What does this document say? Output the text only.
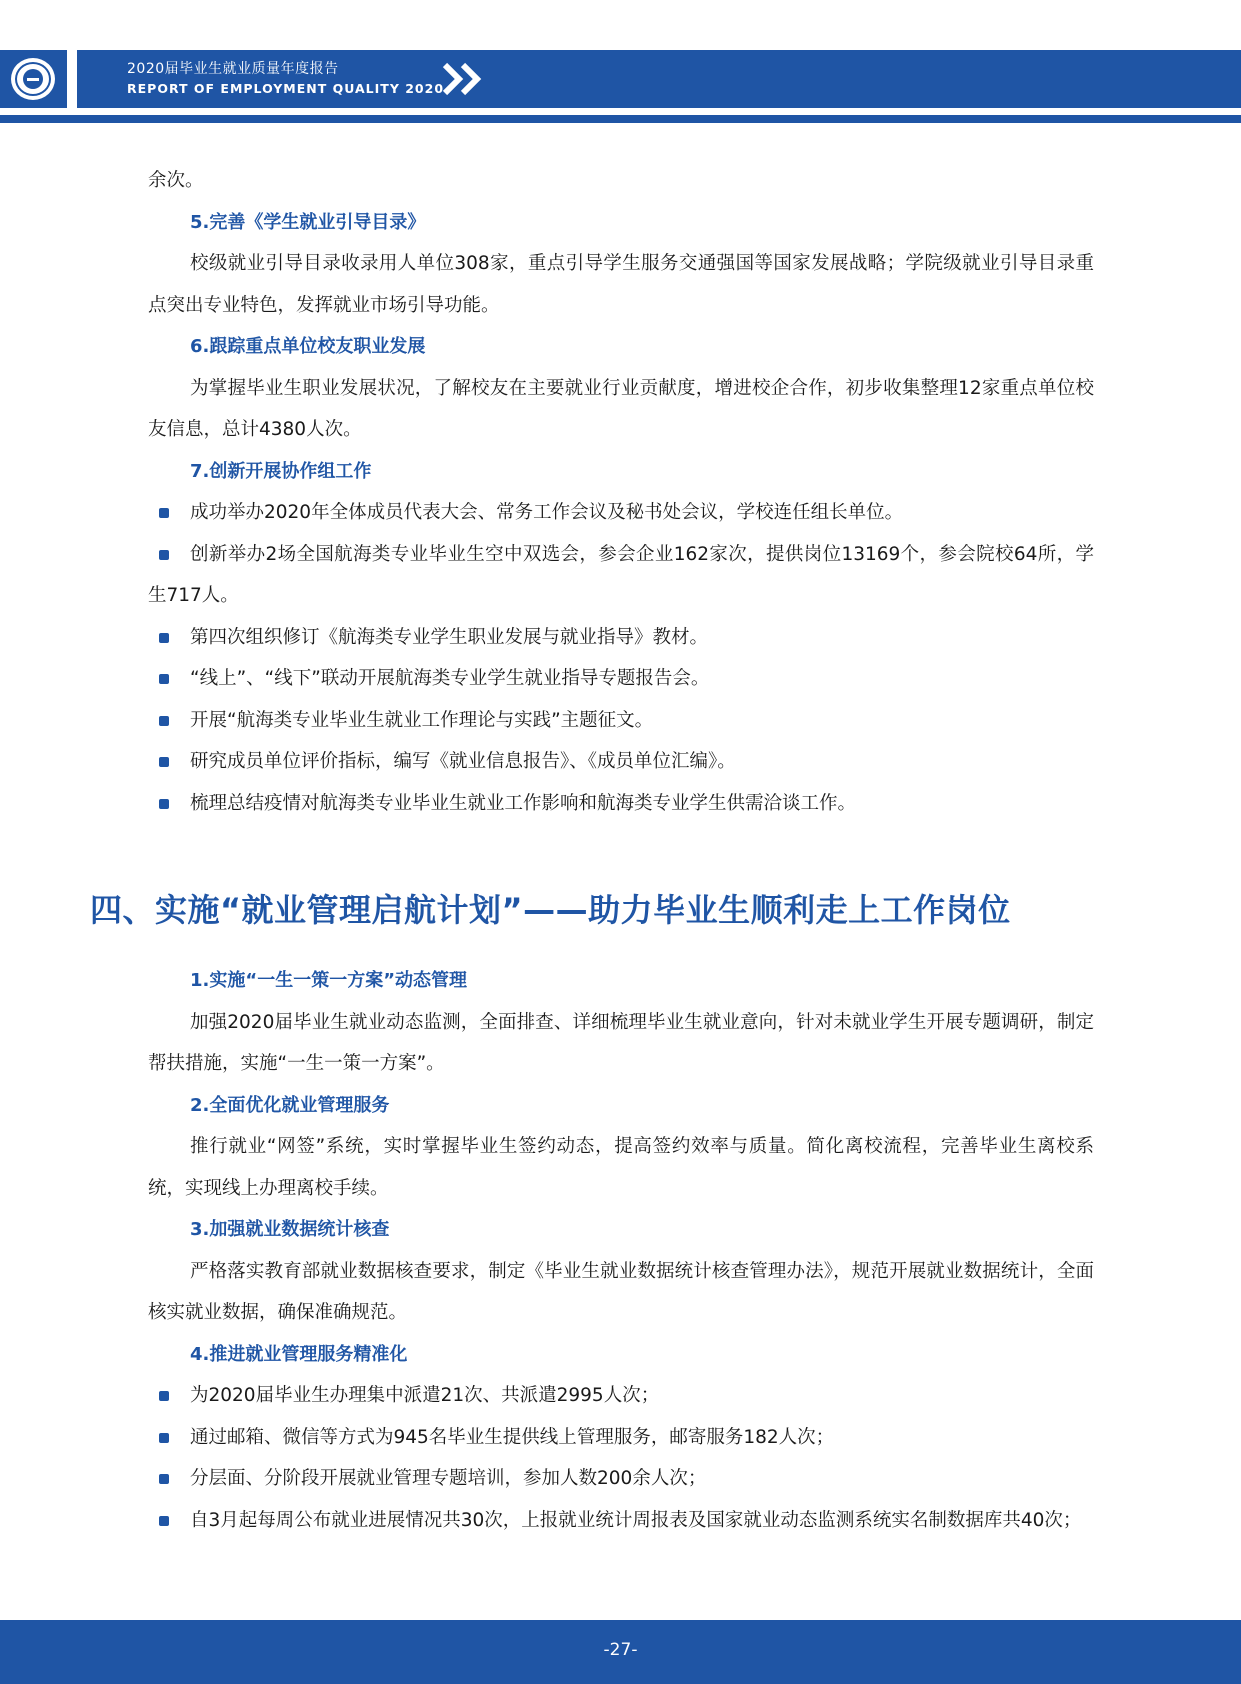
2020届毕业生就业质量年度报告
REPORT OF EMPLOYMENT QUALITY 2020

余次。

5.完善《学生就业引导目录》

校级就业引导目录收录用人单位308家，重点引导学生服务交通强国等国家发展战略；学院级就业引导目录重点突出专业特色，发挥就业市场引导功能。

6.跟踪重点单位校友职业发展

为掌握毕业生职业发展状况，了解校友在主要就业行业贡献度，增进校企合作，初步收集整理12家重点单位校友信息，总计4380人次。

7.创新开展协作组工作

成功举办2020年全体成员代表大会、常务工作会议及秘书处会议，学校连任组长单位。
创新举办2场全国航海类专业毕业生空中双选会，参会企业162家次，提供岗位13169个，参会院校64所，学生717人。
第四次组织修订《航海类专业学生职业发展与就业指导》教材。
“线上”、“线下”联动开展航海类专业学生就业指导专题报告会。
开展“航海类专业毕业生就业工作理论与实践”主题征文。
研究成员单位评价指标，编写《就业信息报告》、《成员单位汇编》。
梳理总结疫情对航海类专业毕业生就业工作影响和航海类专业学生供需洽谈工作。
四、实施“就业管理启航计划”——助力毕业生顺利走上工作岗位

1.实施“一生一策一方案”动态管理

加强2020届毕业生就业动态监测，全面排查、详细梳理毕业生就业意向，针对未就业学生开展专题调研，制定帮扶措施，实施“一生一策一方案”。

2.全面优化就业管理服务

推行就业“网签”系统，实时掌握毕业生签约动态，提高签约效率与质量。简化离校流程，完善毕业生离校系统，实现线上办理离校手续。

3.加强就业数据统计核查

严格落实教育部就业数据核查要求，制定《毕业生就业数据统计核查管理办法》，规范开展就业数据统计，全面核实就业数据，确保准确规范。

4.推进就业管理服务精准化

为2020届毕业生办理集中派遣21次、共派遣2995人次；
通过邮箱、微信等方式为945名毕业生提供线上管理服务，邮寄服务182人次；
分层面、分阶段开展就业管理专题培训，参加人数200余人次；
自3月起每周公布就业进展情况共30次，上报就业统计周报表及国家就业动态监测系统实名制数据库共40次；
-27-
